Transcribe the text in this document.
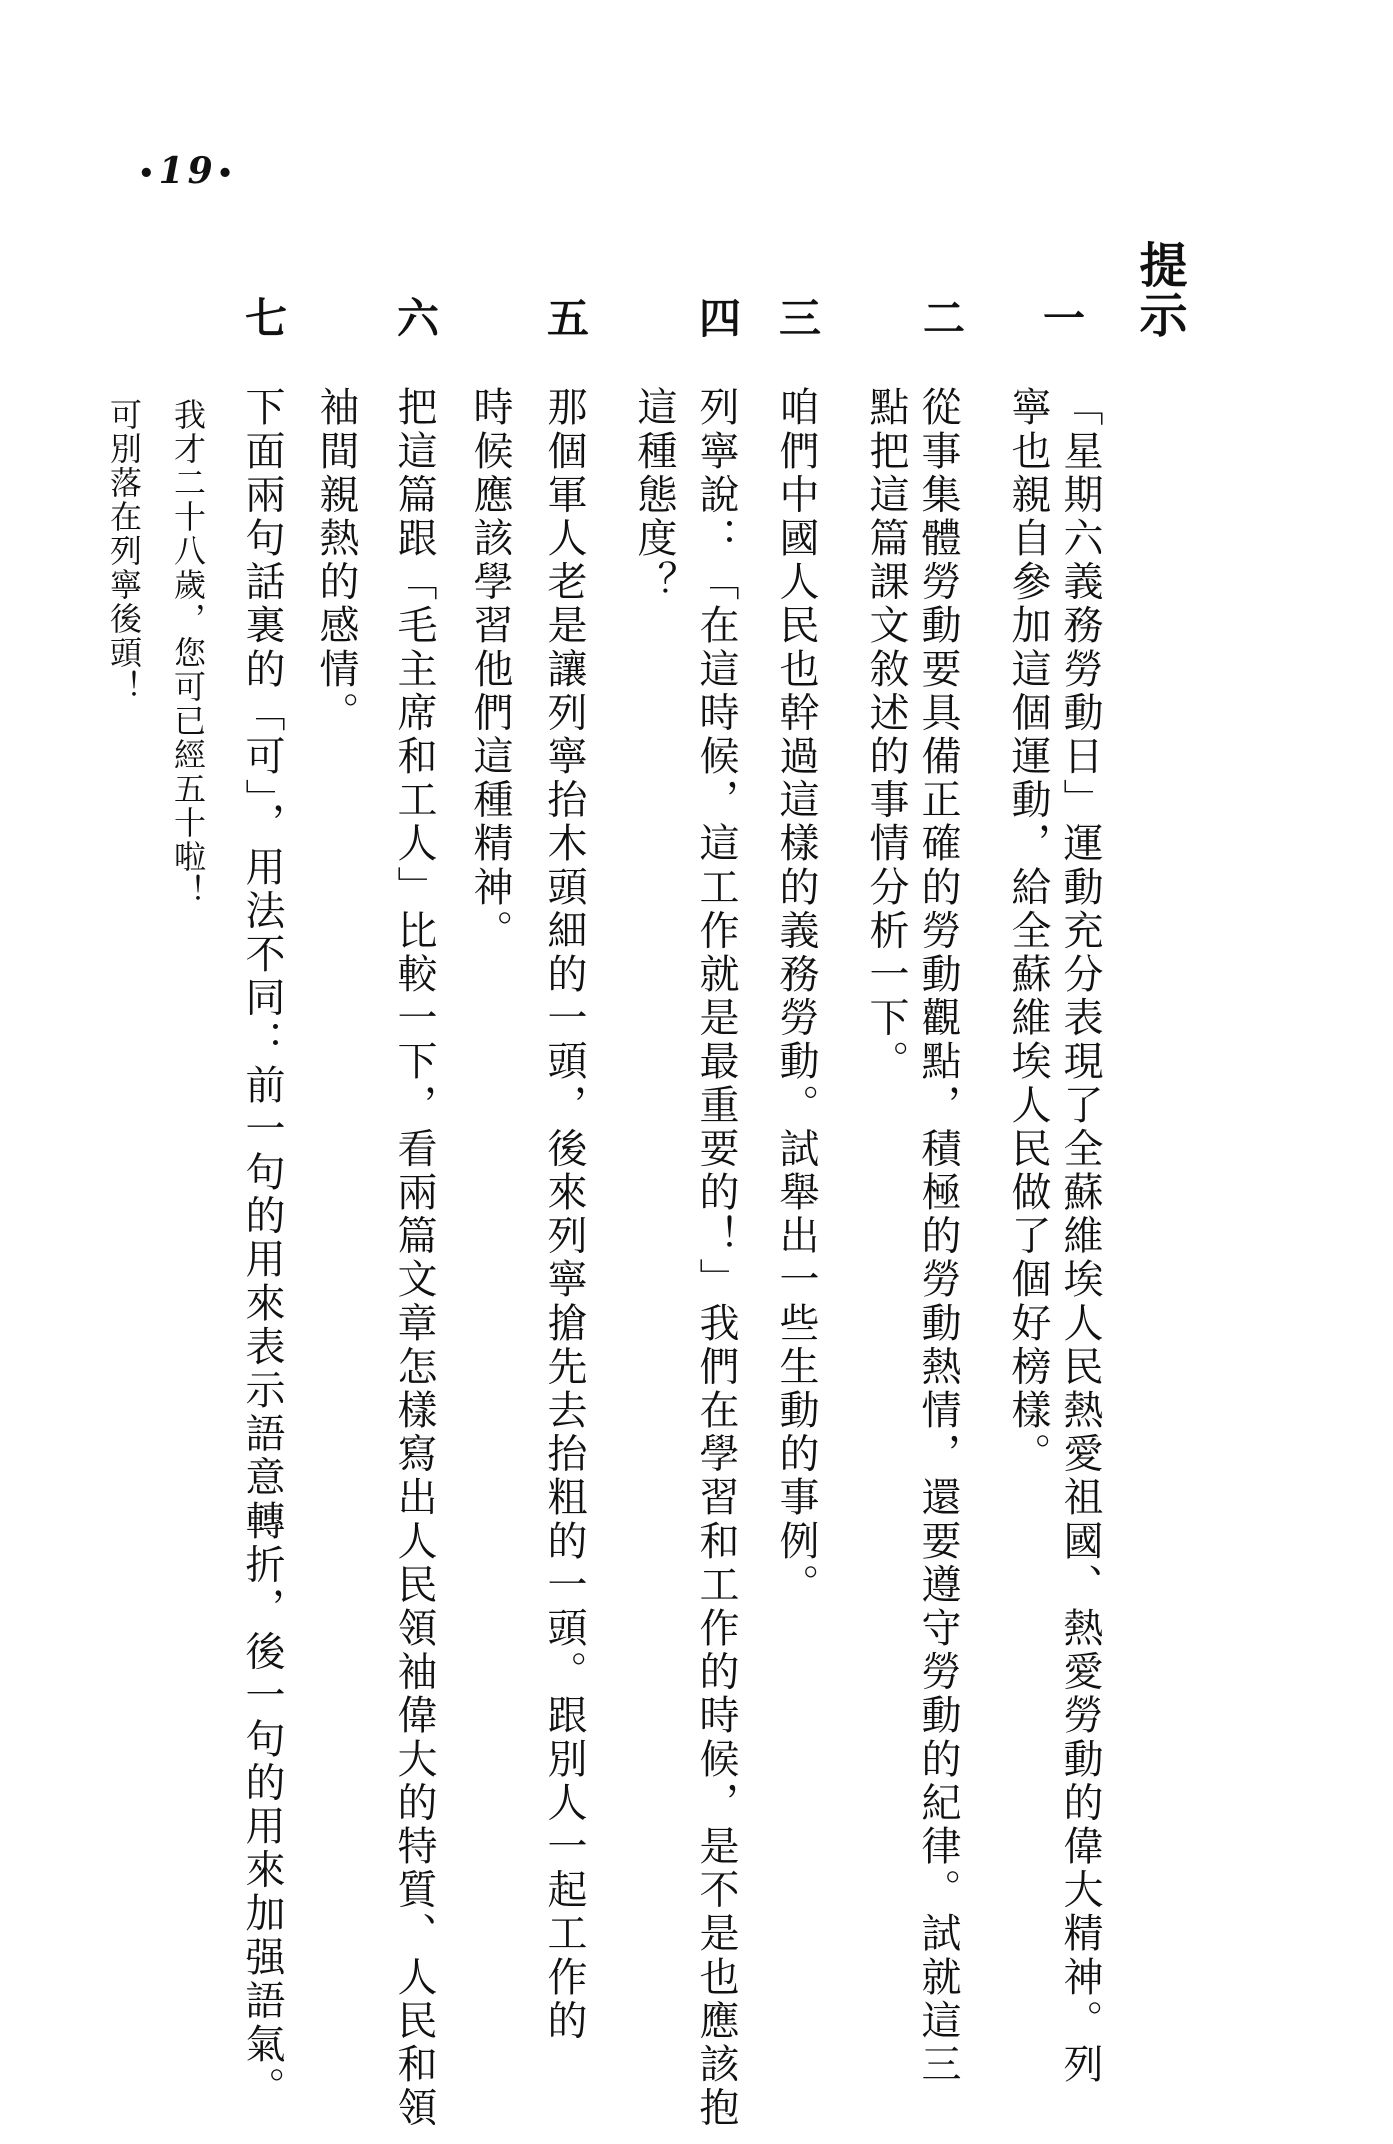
•19•
提示
一
「星期六義務勞動日」運動充分表現了全蘇維埃人民熱愛祖國、熱愛勞動的偉大精神。列
寧也親自參加這個運動，給全蘇維埃人民做了個好榜樣。
二
從事集體勞動要具備正確的勞動觀點，積極的勞動熱情，還要遵守勞動的紀律。試就這三
點把這篇課文敘述的事情分析一下。
三
咱們中國人民也幹過這樣的義務勞動。試舉出一些生動的事例。
四
列寧說：「在這時候，這工作就是最重要的！」我們在學習和工作的時候，是不是也應該抱
這種態度？
五
那個軍人老是讓列寧抬木頭細的一頭，後來列寧搶先去抬粗的一頭。跟別人一起工作的
時候應該學習他們這種精神。
六
把這篇跟「毛主席和工人」比較一下，看兩篇文章怎樣寫出人民領袖偉大的特質、人民和領
袖間親熱的感情。
七
下面兩句話裏的「可」，用法不同：前一句的用來表示語意轉折，後一句的用來加强語氣。
我才二十八歲，您可已經五十啦！
可別落在列寧後頭！
